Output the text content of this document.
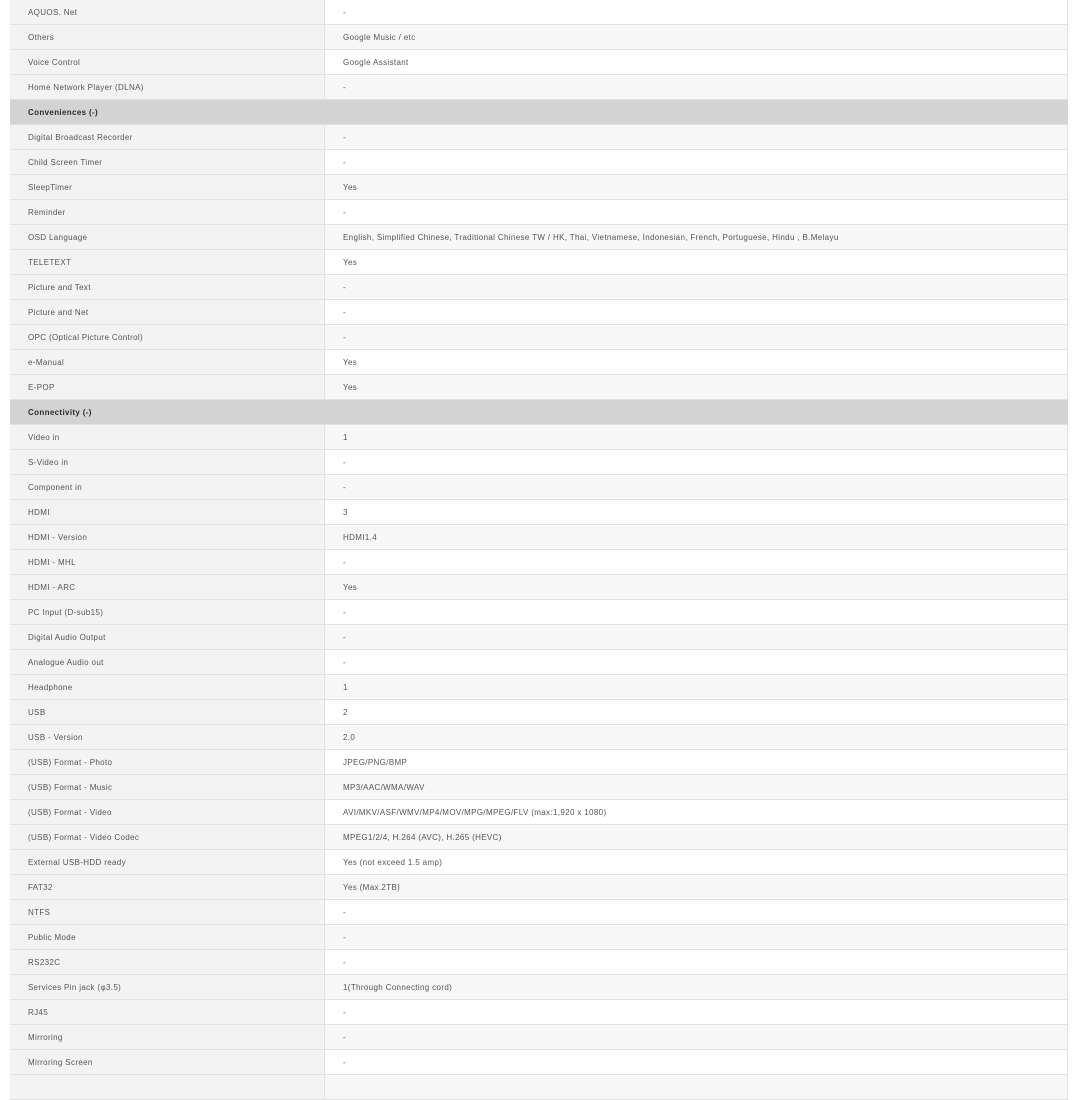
AQUOS. Net	-
Others	Google Music / etc
Voice Control	Google Assistant
Home Network Player (DLNA)	-
Conveniences (-)	
Digital Broadcast Recorder	-
Child Screen Timer	-
SleepTimer	Yes
Reminder	-
OSD Language	English, Simplified Chinese, Traditional Chinese TW / HK, Thai, Vietnamese, Indonesian, French, Portuguese, Hindu , B.Melayu
TELETEXT	Yes
Picture and Text	-
Picture and Net	-
OPC (Optical Picture Control)	-
e-Manual	Yes
E-POP	Yes
Connectivity (-)	
Video in	1
S-Video in	-
Component in	-
HDMI	3
HDMI - Version	HDMI1.4
HDMI - MHL	-
HDMI - ARC	Yes
PC Input (D-sub15)	-
Digital Audio Output	-
Analogue Audio out	-
Headphone	1
USB	2
USB - Version	2.0
(USB) Format - Photo	JPEG/PNG/BMP
(USB) Format - Music	MP3/AAC/WMA/WAV
(USB) Format - Video	AVI/MKV/ASF/WMV/MP4/MOV/MPG/MPEG/FLV (max:1,920 x 1080)
(USB) Format - Video Codec	MPEG1/2/4, H.264 (AVC), H.265 (HEVC)
External USB-HDD ready	Yes (not exceed 1.5 amp)
FAT32	Yes (Max.2TB)
NTFS	-
Public Mode	-
RS232C	-
Services Pin jack (φ3.5)	1(Through Connecting cord)
RJ45	-
Mirroring	-
Mirroring Screen	-
